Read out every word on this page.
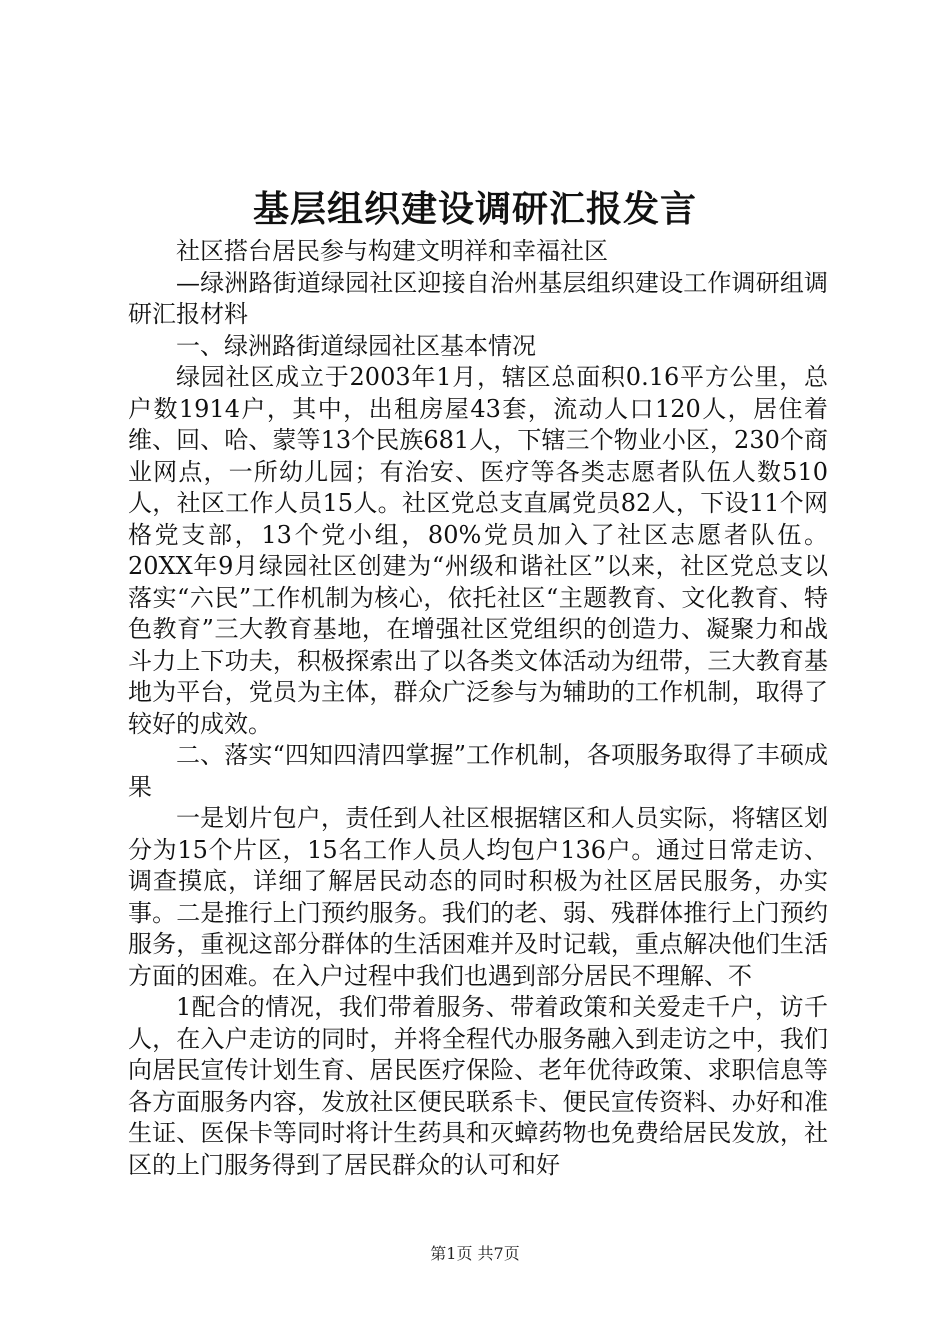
基层组织建设调研汇报发言

社区搭台居民参与构建文明祥和幸福社区

—绿洲路街道绿园社区迎接自治州基层组织建设工作调研组调研汇报材料

一、绿洲路街道绿园社区基本情况

绿园社区成立于2003年1月，辖区总面积0.16平方公里，总户数1914户，其中，出租房屋43套，流动人口120人，居住着维、回、哈、蒙等13个民族681人，下辖三个物业小区，230个商业网点，一所幼儿园；有治安、医疗等各类志愿者队伍人数510人，社区工作人员15人。社区党总支直属党员82人，下设11个网格党支部，13个党小组，80%党员加入了社区志愿者队伍。20XX年9月绿园社区创建为“州级和谐社区”以来，社区党总支以落实“六民”工作机制为核心，依托社区“主题教育、文化教育、特色教育”三大教育基地，在增强社区党组织的创造力、凝聚力和战斗力上下功夫，积极探索出了以各类文体活动为纽带，三大教育基地为平台，党员为主体，群众广泛参与为辅助的工作机制，取得了较好的成效。

二、落实“四知四清四掌握”工作机制，各项服务取得了丰硕成果

一是划片包户，责任到人社区根据辖区和人员实际，将辖区划分为15个片区，15名工作人员人均包户136户。通过日常走访、调查摸底，详细了解居民动态的同时积极为社区居民服务，办实事。二是推行上门预约服务。我们的老、弱、残群体推行上门预约服务，重视这部分群体的生活困难并及时记载，重点解决他们生活方面的困难。在入户过程中我们也遇到部分居民不理解、不

1配合的情况，我们带着服务、带着政策和关爱走千户，访千人，在入户走访的同时，并将全程代办服务融入到走访之中，我们向居民宣传计划生育、居民医疗保险、老年优待政策、求职信息等各方面服务内容，发放社区便民联系卡、便民宣传资料、办好和准生证、医保卡等同时将计生药具和灭蟑药物也免费给居民发放，社区的上门服务得到了居民群众的认可和好

第1页 共7页
